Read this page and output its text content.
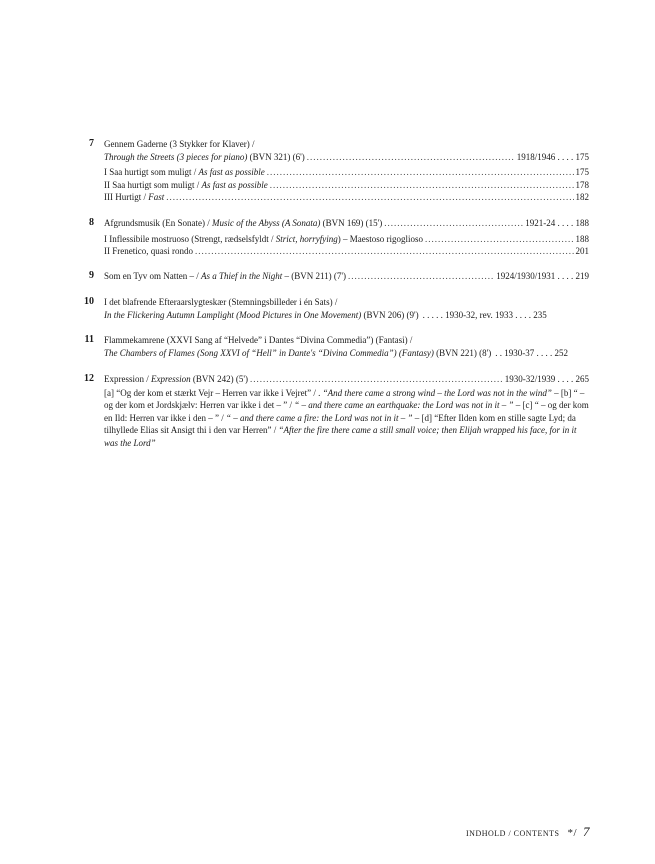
7 Gennem Gaderne (3 Stykker for Klaver) /
Through the Streets (3 pieces for piano) (BVN 321) (6') .....	1918/1946 . . . . 175
I Saa hurtigt som muligt / As fast as possible .....	175
II Saa hurtigt som muligt / As fast as possible .....	178
III Hurtigt / Fast .....	182
8 Afgrundsmusik (En Sonate) / Music of the Abyss (A Sonata) (BVN 169) (15') .....	1921-24 . . . . 188
I Inflessibile mostruoso (Strengt, rædselsfyldt / Strict, horryfying) – Maestoso rigoglioso .....	188
II Frenetico, quasi rondo .....	201
9 Som en Tyv om Natten – / As a Thief in the Night – (BVN 211) (7') .....	1924/1930/1931 . . . . 219
10 I det blafrende Efteraarslygteskær (Stemningsbilleder i én Sats) /
In the Flickering Autumn Lamplight (Mood Pictures in One Movement) (BVN 206) (9') . . . . . 1930-32, rev. 1933 . . . . 235
11 Flammekamrene (XXVI Sang af “Helvede” i Dantes “Divina Commedia”) (Fantasi) /
The Chambers of Flames (Song XXVI of “Hell” in Dante's “Divina Commedia”) (Fantasy) (BVN 221) (8') . . 1930-37 . . . . 252
12 Expression / Expression (BVN 242) (5') .....	1930-32/1939 . . . . 265
[a] “Og der kom et stærkt Vejr – Herren var ikke i Vejret” / . “And there came a strong wind – the Lord was not in the wind” – [b] “ – og der kom et Jordskjælv: Herren var ikke i det – ” / “ – and there came an earthquake: the Lord was not in it – ” – [c] “ – og der kom en Ild: Herren var ikke i den – ” / “ – and there came a fire: the Lord was not in it – ” – [d] “Efter Ilden kom en stille sagte Lyd; da tilhyllede Elias sit Ansigt thi i den var Herren” / “After the fire there came a still small voice; then Elijah wrapped his face, for in it was the Lord”
INDHOLD / CONTENTS */ 7
